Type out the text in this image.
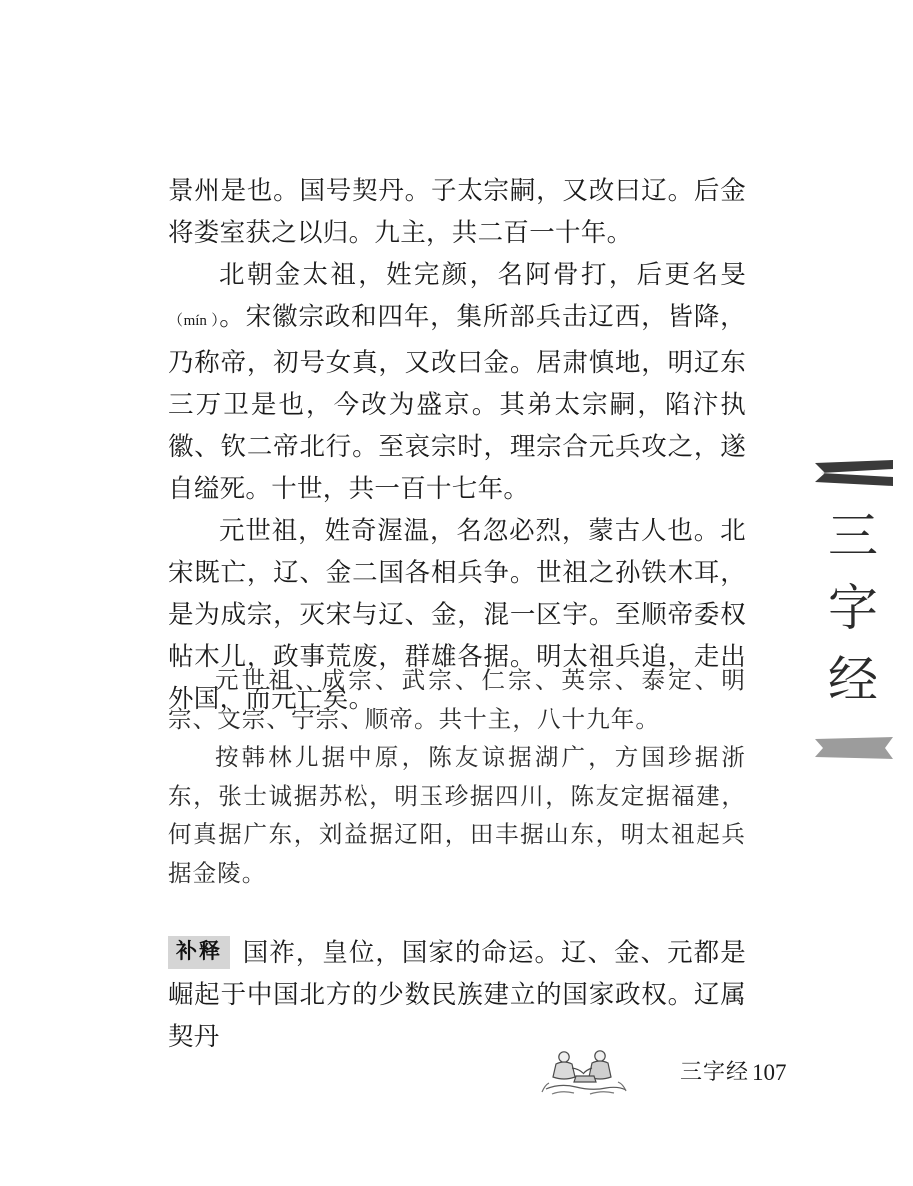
景州是也。国号契丹。子太宗嗣，又改曰辽。后金将娄室获之以归。九主，共二百一十年。

北朝金太祖，姓完颜，名阿骨打，后更名旻（mín ）。宋徽宗政和四年，集所部兵击辽西，皆降，乃称帝，初号女真，又改曰金。居肃慎地，明辽东三万卫是也，今改为盛京。其弟太宗嗣，陷汴执徽、钦二帝北行。至哀宗时，理宗合元兵攻之，遂自缢死。十世，共一百十七年。

元世祖，姓奇渥温，名忽必烈，蒙古人也。北宋既亡，辽、金二国各相兵争。世祖之孙铁木耳，是为成宗，灭宋与辽、金，混一区宇。至顺帝委权帖木儿，政事荒废，群雄各据。明太祖兵追，走出外国，而元亡矣。

元世祖、成宗、武宗、仁宗、英宗、泰定、明宗、文宗、宁宗、顺帝。共十主，八十九年。

按韩林儿据中原，陈友谅据湖广，方国珍据浙东，张士诚据苏松，明玉珍据四川，陈友定据福建，何真据广东，刘益据辽阳，田丰据山东，明太祖起兵据金陵。

补释 国祚，皇位，国家的命运。辽、金、元都是崛起于中国北方的少数民族建立的国家政权。辽属契丹
三
字
经
三字经 107
